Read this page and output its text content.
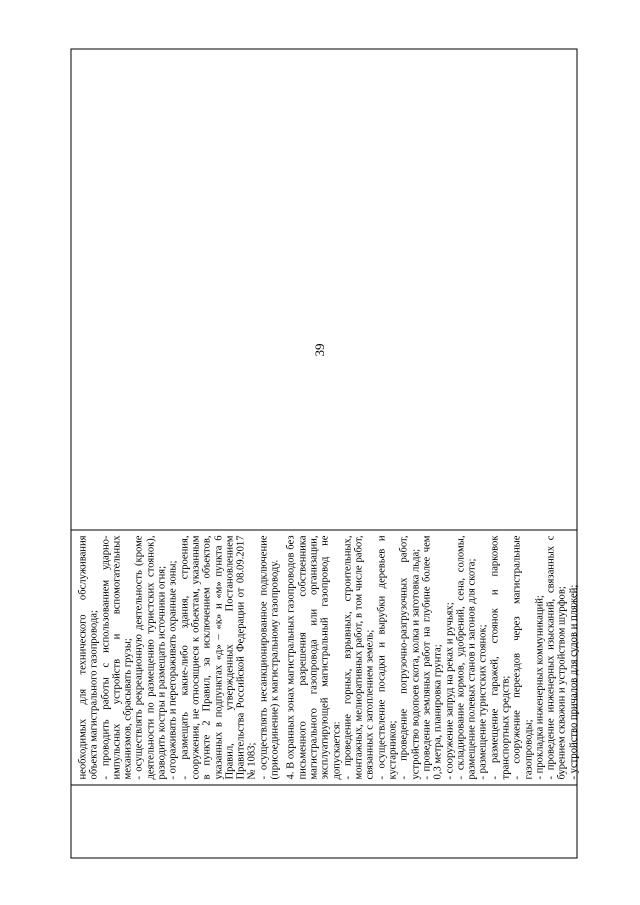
39

необходимых для технического обслуживания объекта магистрального газопровода; - проводить работы с использованием ударно-импульсных устройств и вспомогательных механизмов, сбрасывать грузы; - осуществлять рекреационную деятельность (кроме деятельности по размещению туристских стоянок), разводить костры и размещать источники огня; - огораживать и перегораживать охранные зоны; - размещать какие-либо здания, строения, сооружения, не относящиеся к объектам, указанным в пункте 2 Правил, за исключением объектов, указанных в подпунктах «д» – «к» и «м» пункта 6 Правил, утвержденных Постановлением Правительства Российской Федерации от 08.09.2017 № 1083; - осуществлять несанкционированное подключение (присоединение) к магистральному газопроводу. 4. В охранных зонах магистральных газопроводов без письменного разрешения собственника магистрального газопровода или организации, эксплуатирующей магистральный газопровод не допускается: - проведение горных, взрывных, строительных, монтажных, мелиоративных работ, в том числе работ, связанных с затоплением земель; - осуществление посадки и вырубки деревьев и кустарников; - проведение погрузочно-разгрузочных работ, устройство водопоев скота, колка и заготовка льда; - проведение земляных работ на глубине более чем 0,3 метра, планировка грунта; - сооружение запруд на реках и ручьях; - складирование кормов, удобрений, сена, соломы, размещение полевых станов и загонов для скота; - размещение туристских стоянок; - размещение гаражей, стоянок и парковок транспортных средств; - сооружение переездов через магистральные газопроводы; - прокладка инженерных коммуникаций; - проведение инженерных изысканий, связанных с бурением скважин и устройством шурфов; - устройство причалов для судов и пляжей;
